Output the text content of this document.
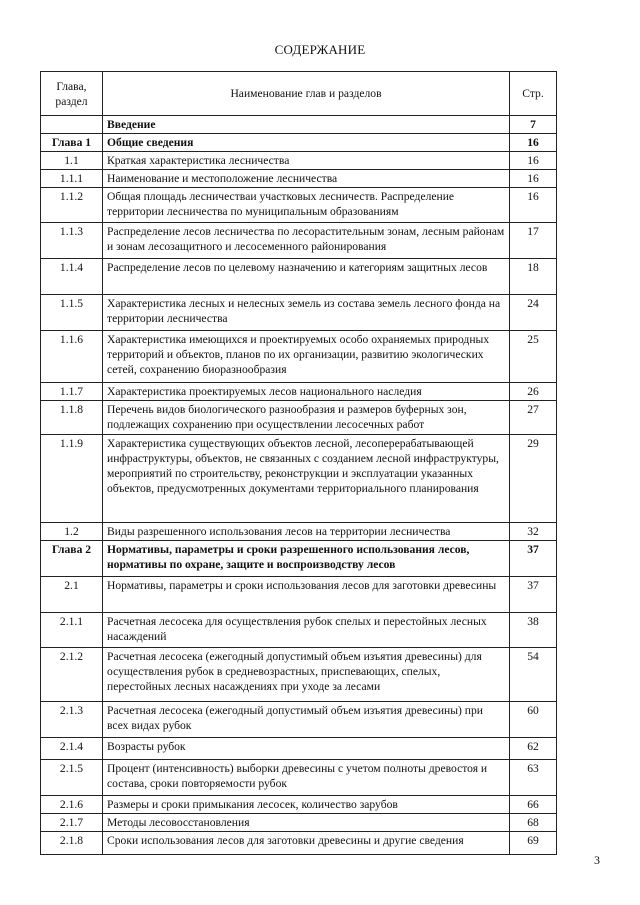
СОДЕРЖАНИЕ
Глава, раздел	Наименование глав и разделов	Стр.
	Введение	7
Глава 1	Общие сведения	16
1.1	Краткая характеристика лесничества	16
1.1.1	Наименование и местоположение лесничества	16
1.1.2	Общая площадь лесничествaи участковых лесничеств. Распределение территории лесничества по муниципальным образованиям	16
1.1.3	Распределение лесов лесничества по лесорастительным зонам, лесным районам и зонам лесозащитного и лесосеменного районирования	17
1.1.4	Распределение лесов по целевому назначению и категориям защитных лесов	18
1.1.5	Характеристика лесных и нелесных земель из состава земель лесного фонда на территории лесничества	24
1.1.6	Характеристика имеющихся и проектируемых особо охраняемых природных территорий и объектов, планов по их организации, развитию экологических сетей, сохранению биоразнообразия	25
1.1.7	Характеристика проектируемых лесов национального наследия	26
1.1.8	Перечень видов биологического разнообразия и размеров буферных зон, подлежащих сохранению при осуществлении лесосечных работ	27
1.1.9	Характеристика существующих объектов лесной, лесоперерабатывающей инфраструктуры, объектов, не связанных с созданием лесной инфраструктуры, мероприятий по строительству, реконструкции и эксплуатации указанных объектов, предусмотренных документами территориального планирования	29
1.2	Виды разрешенного использования лесов на территории лесничества	32
Глава 2	Нормативы, параметры и сроки разрешенного использования лесов, нормативы по охране, защите и воспроизводству лесов	37
2.1	Нормативы, параметры и сроки использования лесов для заготовки древесины	37
2.1.1	Расчетная лесосека для осуществления рубок спелых и перестойных лесных насаждений	38
2.1.2	Расчетная лесосека (ежегодный допустимый объем изъятия древесины) для осуществления рубок в средневозрастных, приспевающих, спелых, перестойных лесных насаждениях при уходе за лесами	54
2.1.3	Расчетная лесосека (ежегодный допустимый объем изъятия древесины) при всех видах рубок	60
2.1.4	Возрасты рубок	62
2.1.5	Процент (интенсивность) выборки древесины с учетом полноты древостоя и состава, сроки повторяемости рубок	63
2.1.6	Размеры и сроки примыкания лесосек, количество зарубов	66
2.1.7	Методы лесовосстановления	68
2.1.8	Сроки использования лесов для заготовки древесины и другие сведения	69
3
